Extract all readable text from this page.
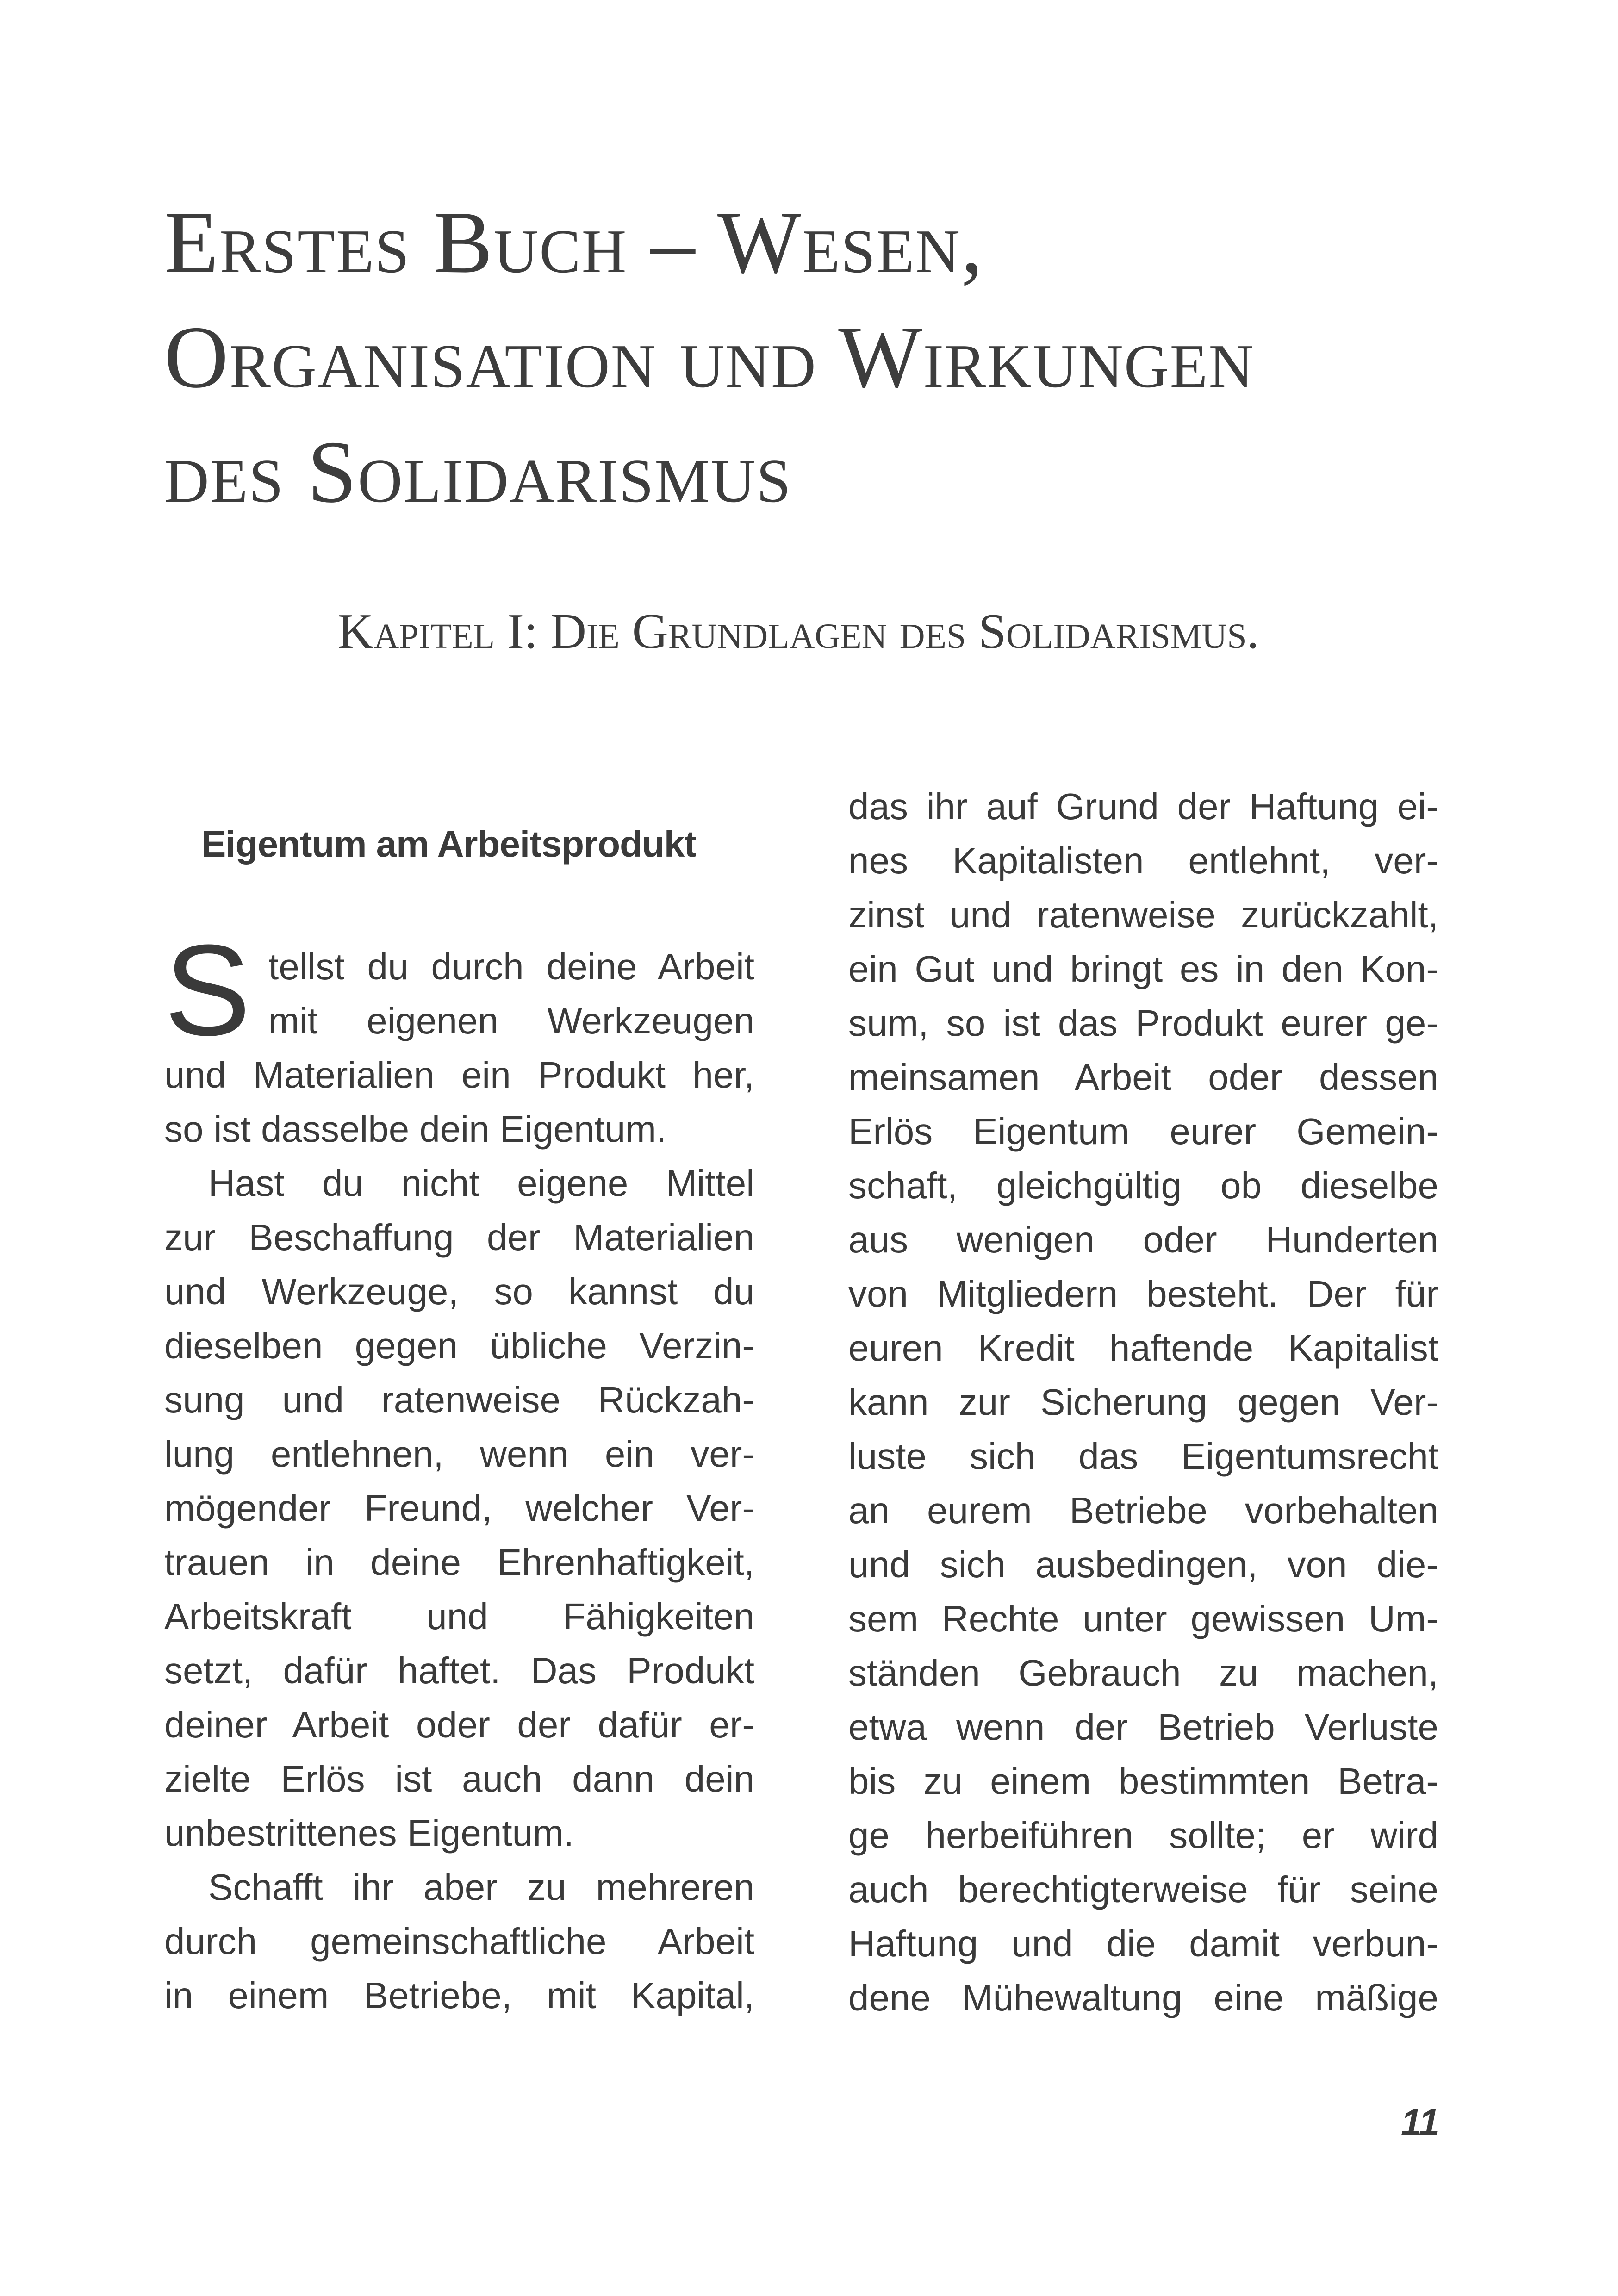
Erstes Buch – Wesen,
Organisation und Wirkungen
des Solidarismus
Kapitel I: Die Grundlagen des Solidarismus.
Eigentum am Arbeitsprodukt
S tellst du durch deine Arbeit
mit eigenen Werkzeugen
und Materialien ein Produkt her,
so ist dasselbe dein Eigentum.
Hast du nicht eigene Mittel
zur Beschaffung der Materialien
und Werkzeuge, so kannst du
dieselben gegen übliche Verzin-
sung und ratenweise Rückzah-
lung entlehnen, wenn ein ver-
mögender Freund, welcher Ver-
trauen in deine Ehrenhaftigkeit,
Arbeitskraft und Fähigkeiten
setzt, dafür haftet. Das Produkt
deiner Arbeit oder der dafür er-
zielte Erlös ist auch dann dein
unbestrittenes Eigentum.
Schafft ihr aber zu mehreren
durch gemeinschaftliche Arbeit
in einem Betriebe, mit Kapital,
das ihr auf Grund der Haftung ei-
nes Kapitalisten entlehnt, ver-
zinst und ratenweise zurückzahlt,
ein Gut und bringt es in den Kon-
sum, so ist das Produkt eurer ge-
meinsamen Arbeit oder dessen
Erlös Eigentum eurer Gemein-
schaft, gleichgültig ob dieselbe
aus wenigen oder Hunderten
von Mitgliedern besteht. Der für
euren Kredit haftende Kapitalist
kann zur Sicherung gegen Ver-
luste sich das Eigentumsrecht
an eurem Betriebe vorbehalten
und sich ausbedingen, von die-
sem Rechte unter gewissen Um-
ständen Gebrauch zu machen,
etwa wenn der Betrieb Verluste
bis zu einem bestimmten Betra-
ge herbeiführen sollte; er wird
auch berechtigterweise für seine
Haftung und die damit verbun-
dene Mühewaltung eine mäßige
11
